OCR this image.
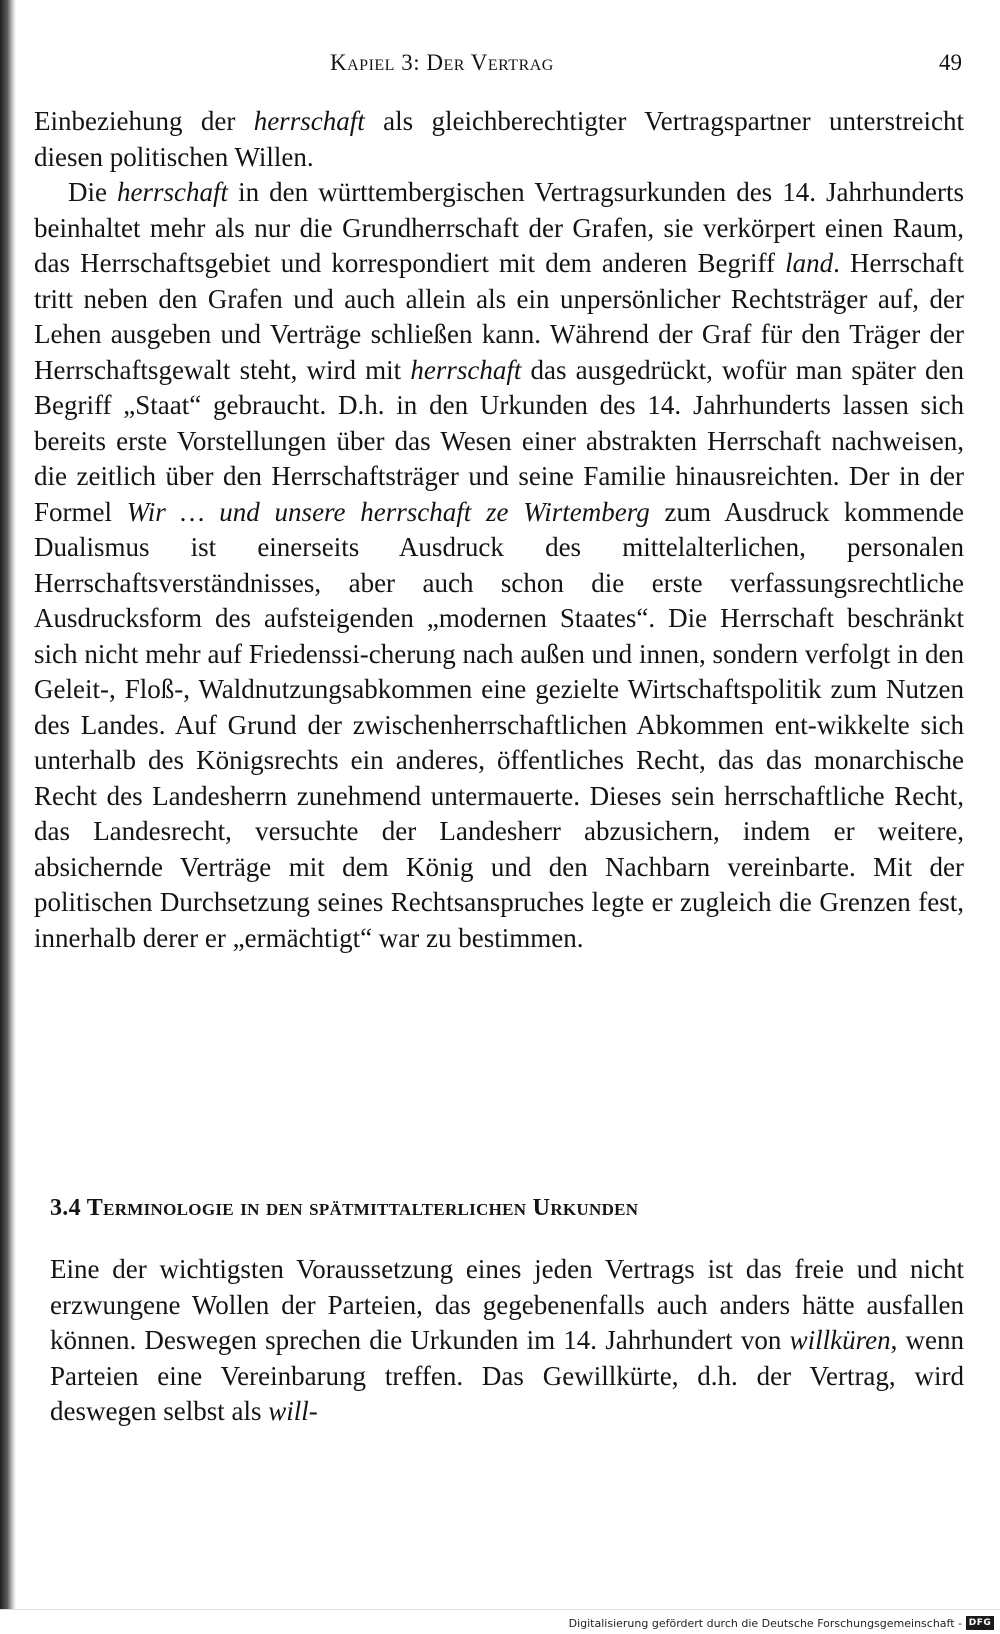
Kapiel 3: Der Vertrag	49

Einbeziehung der herrschaft als gleichberechtigter Vertragspartner unterstreicht diesen politischen Willen.

Die herrschaft in den württembergischen Vertragsurkunden des 14. Jahrhunderts beinhaltet mehr als nur die Grundherrschaft der Grafen, sie verkörpert einen Raum, das Herrschaftsgebiet und korrespondiert mit dem anderen Begriff land. Herrschaft tritt neben den Grafen und auch allein als ein unpersönlicher Rechtsträger auf, der Lehen ausgeben und Verträge schließen kann. Während der Graf für den Träger der Herrschaftsgewalt steht, wird mit herrschaft das ausgedrückt, wofür man später den Begriff „Staat“ gebraucht. D.h. in den Urkunden des 14. Jahrhunderts lassen sich bereits erste Vorstellungen über das Wesen einer abstrakten Herrschaft nachweisen, die zeitlich über den Herrschaftsträger und seine Familie hinausreichten. Der in der Formel Wir … und unsere herrschaft ze Wirtemberg zum Ausdruck kommende Dualismus ist einerseits Ausdruck des mittelalterlichen, personalen Herrschaftsverständnisses, aber auch schon die erste verfassungsrechtliche Ausdrucksform des aufsteigenden „modernen Staates“. Die Herrschaft beschränkt sich nicht mehr auf Friedenssi-cherung nach außen und innen, sondern verfolgt in den Geleit-, Floß-, Waldnutzungsabkommen eine gezielte Wirtschaftspolitik zum Nutzen des Landes. Auf Grund der zwischenherrschaftlichen Abkommen ent-wikkelte sich unterhalb des Königsrechts ein anderes, öffentliches Recht, das das monarchische Recht des Landesherrn zunehmend untermauerte. Dieses sein herrschaftliche Recht, das Landesrecht, versuchte der Landesherr abzusichern, indem er weitere, absichernde Verträge mit dem König und den Nachbarn vereinbarte. Mit der politischen Durchsetzung seines Rechtsanspruches legte er zugleich die Grenzen fest, innerhalb derer er „ermächtigt“ war zu bestimmen.

3.4 Terminologie in den spätmittalterlichen Urkunden

Eine der wichtigsten Voraussetzung eines jeden Vertrags ist das freie und nicht erzwungene Wollen der Parteien, das gegebenenfalls auch anders hätte ausfallen können. Deswegen sprechen die Urkunden im 14. Jahrhundert von willküren, wenn Parteien eine Vereinbarung treffen. Das Gewillkürte, d.h. der Vertrag, wird deswegen selbst als will-

Digitalisierung gefördert durch die Deutsche Forschungsgemeinschaft - DFG
